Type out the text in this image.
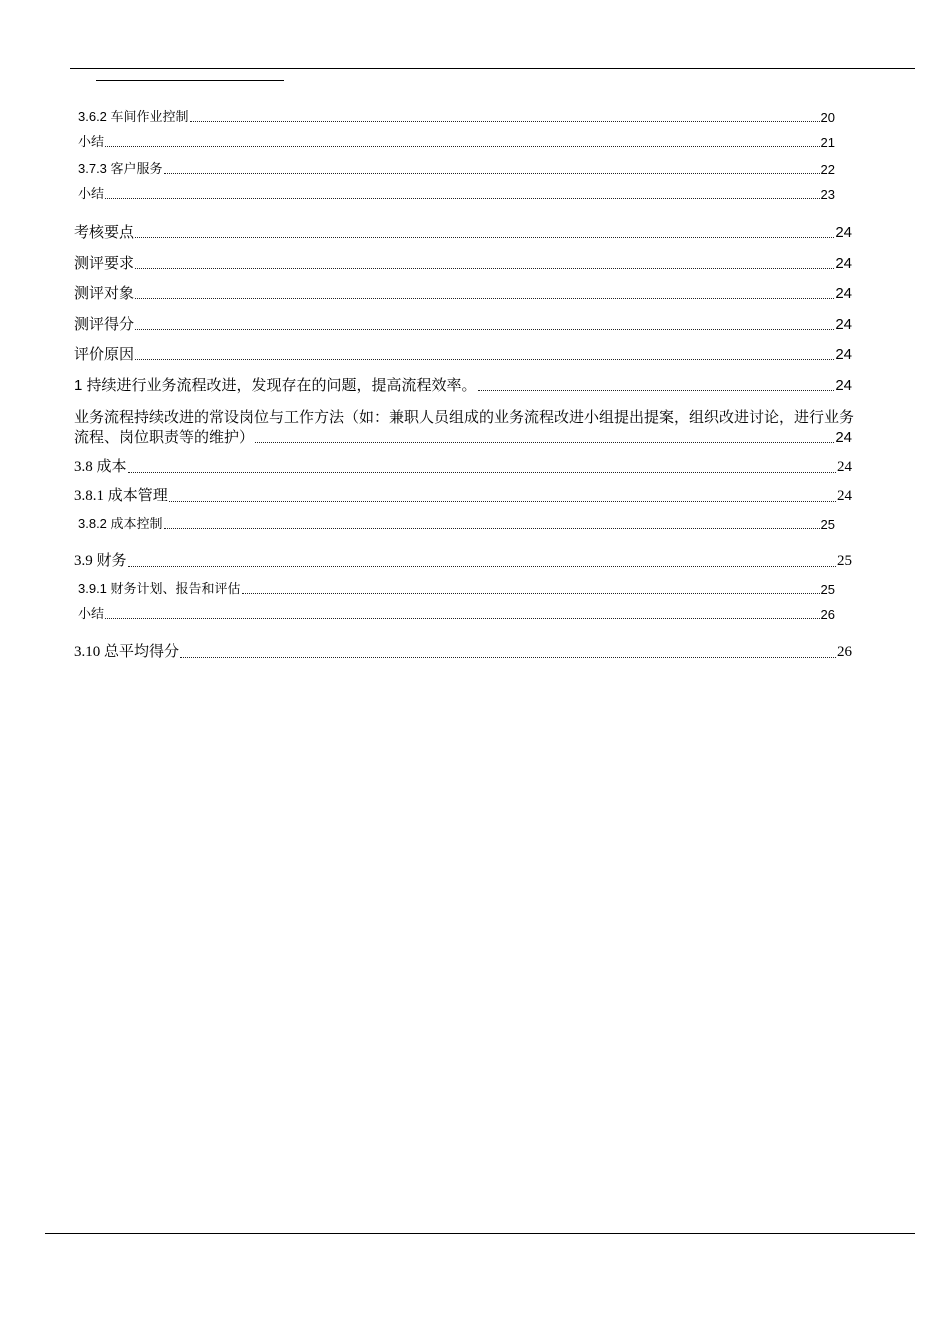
3.6.2 车间作业控制	20
小结	21
3.7.3 客户服务	22
小结	23
考核要点	24
测评要求	24
测评对象	24
测评得分	24
评价原因	24
1 持续进行业务流程改进，发现存在的问题，提高流程效率。	24
业务流程持续改进的常设岗位与工作方法（如：兼职人员组成的业务流程改进小组提出提案，组织改进讨论，进行业务
流程、岗位职责等的维护）	24
3.8 成本	24
3.8.1 成本管理	24
3.8.2 成本控制	25
3.9 财务	25
3.9.1 财务计划、报告和评估	25
小结	26
3.10 总平均得分	26
